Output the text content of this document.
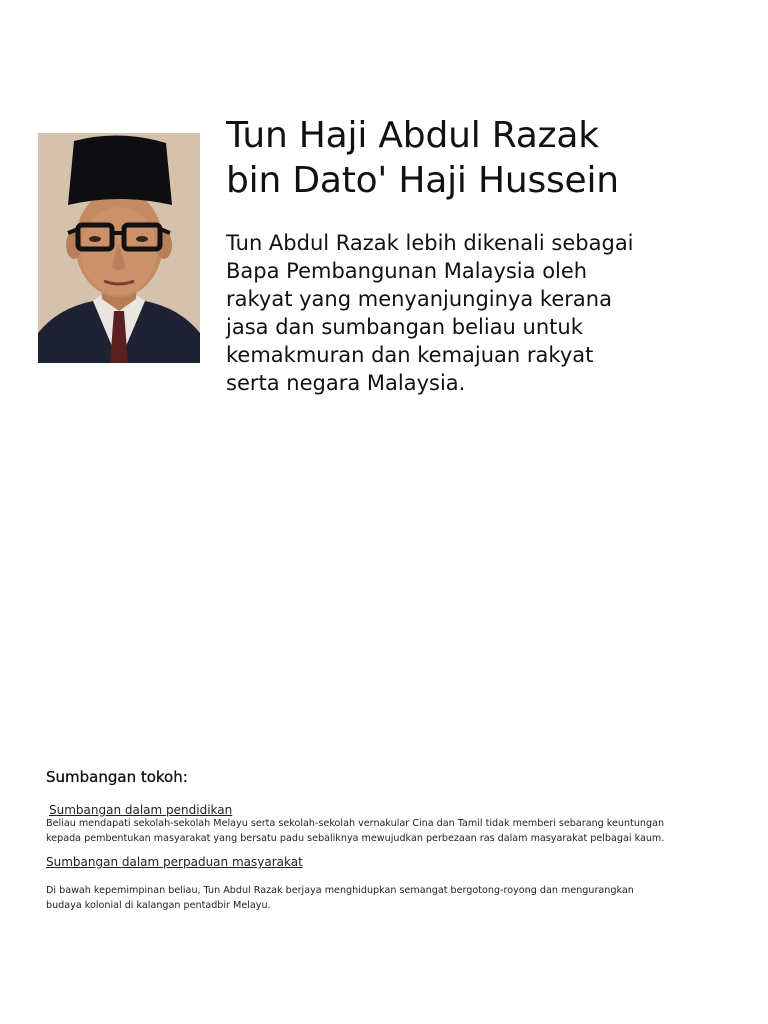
Tun Haji Abdul Razak
bin Dato' Haji Hussein

Tun Abdul Razak lebih dikenali sebagai
Bapa Pembangunan Malaysia oleh
rakyat yang menyanjunginya kerana
jasa dan sumbangan beliau untuk
kemakmuran dan kemajuan rakyat
serta negara Malaysia.

Sumbangan tokoh:
Sumbangan dalam pendidikan

Beliau mendapati sekolah-sekolah Melayu serta sekolah-sekolah vernakular Cina dan Tamil tidak memberi sebarang keuntungan
kepada pembentukan masyarakat yang bersatu padu sebaliknya mewujudkan perbezaan ras dalam masyarakat pelbagai kaum.

Sumbangan dalam perpaduan masyarakat

Di bawah kepemimpinan beliau, Tun Abdul Razak berjaya menghidupkan semangat bergotong-royong dan mengurangkan
budaya kolonial di kalangan pentadbir Melayu.
